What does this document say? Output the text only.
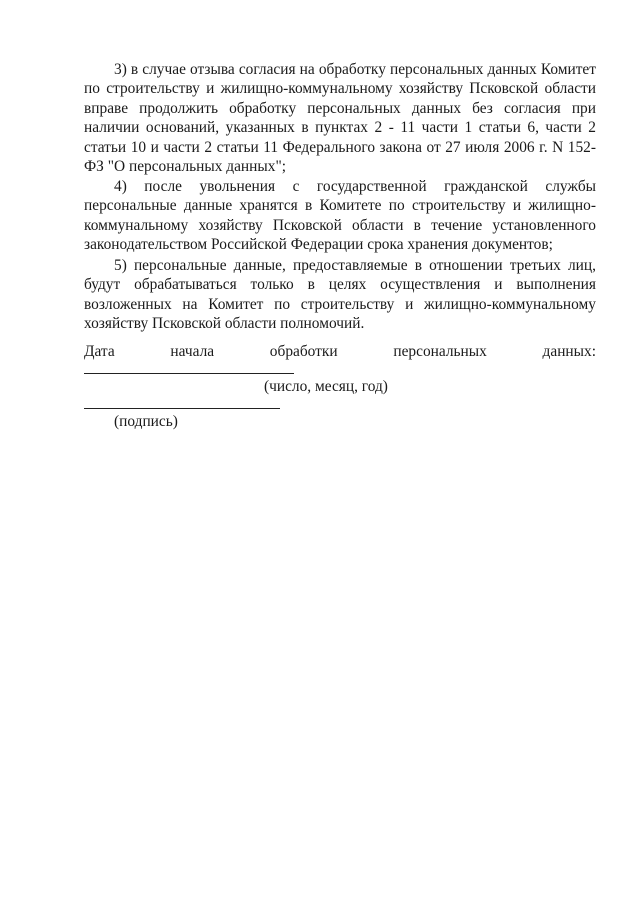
3) в случае отзыва согласия на обработку персональных данных Комитет по строительству и жилищно-коммунальному хозяйству Псковской области вправе продолжить обработку персональных данных без согласия при наличии оснований, указанных в пунктах 2 - 11 части 1 статьи 6, части 2 статьи 10 и части 2 статьи 11 Федерального закона от 27 июля 2006 г. N 152-ФЗ "О персональных данных";

4) после увольнения с государственной гражданской службы персональные данные хранятся в Комитете по строительству и жилищно-коммунальному хозяйству Псковской области в течение установленного законодательством Российской Федерации срока хранения документов;

5) персональные данные, предоставляемые в отношении третьих лиц, будут обрабатываться только в целях осуществления и выполнения возложенных на Комитет по строительству и жилищно-коммунальному хозяйству Псковской области полномочий.

Дата	начала	обработки	персональных	данных:
(число, месяц, год)
(подпись)
